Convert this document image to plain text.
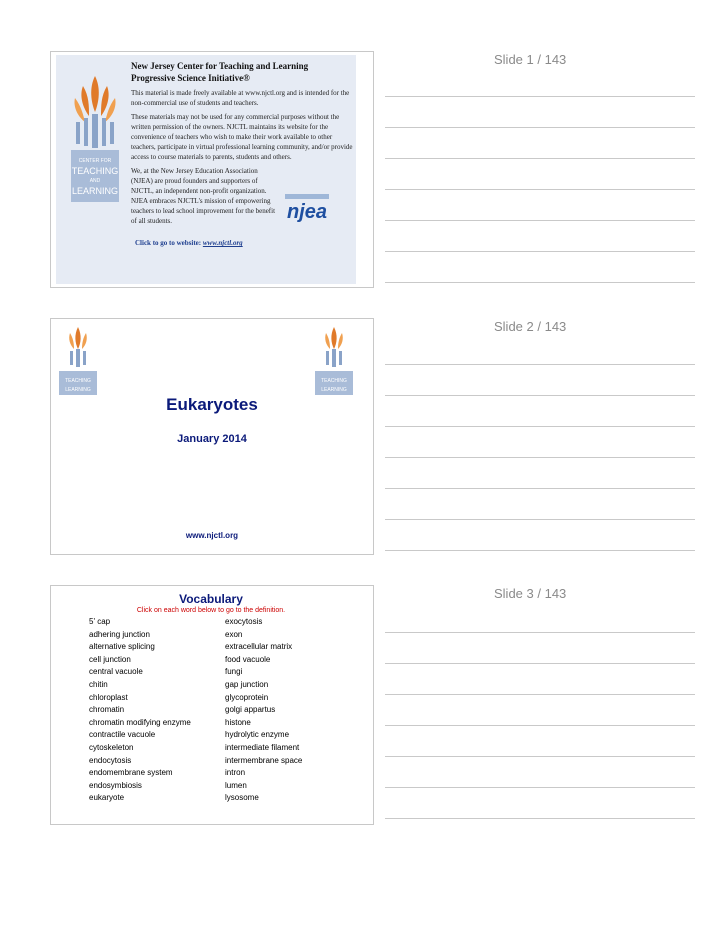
Slide 1 / 143
CENTER FOR
TEACHING
AND
LEARNING
New Jersey Center for Teaching and Learning
Progressive Science Initiative®

This material is made freely available at www.njctl.org and is intended for the non-commercial use of students and teachers.

These materials may not be used for any commercial purposes without the written permission of the owners. NJCTL maintains its website for the convenience of teachers who wish to make their work available to other teachers, participate in virtual professional learning community, and/or provide access to course materials to parents, students and others.

We, at the New Jersey Education Association (NJEA) are proud founders and supporters of NJCTL, an independent non-profit organization. NJEA embraces NJCTL's mission of empowering teachers to lead school improvement for the benefit of all students.	njea
Click to go to website: www.njctl.org
Slide 2 / 143
TEACHING
LEARNING
TEACHING
LEARNING
Eukaryotes
January 2014
www.njctl.org
Slide 3 / 143
Vocabulary
Click on each word below to go to the definition.
5' cap
adhering junction
alternative splicing
cell junction
central vacuole
chitin
chloroplast
chromatin
chromatin modifying enzyme
contractile vacuole
cytoskeleton
endocytosis
endomembrane system
endosymbiosis
eukaryote
exocytosis
exon
extracellular matrix
food vacuole
fungi
gap junction
glycoprotein
golgi appartus
histone
hydrolytic enzyme
intermediate filament
intermembrane space
intron
lumen
lysosome
